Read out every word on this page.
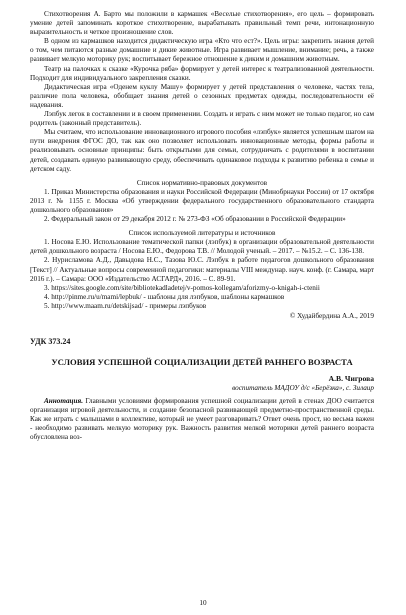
Стихотворения А. Барто мы положили в кармашек «Веселые стихотворения», его цель – формировать умение детей запоминать короткое стихотворение, вырабатывать правильный темп речи, интонационную выразительность и четкое произношение слов.

В одном из кармашков находится дидактическую игра «Кто что ест?». Цель игры: закрепить знания детей о том, чем питаются разные домашние и дикие животные. Игра развивает мышление, внимание; речь, а также развивает мелкую моторику рук; воспитывает бережное отношение к диким и домашним животным.

Театр на палочках к сказке «Курочка ряба» формирует у детей интерес к театрализованной деятельности. Подходит для индивидуального закрепления сказки.

Дидактическая игра «Оденем куклу Машу» формирует у детей представления о человеке, частях тела, различие пола человека, обобщает знания детей о сезонных предметах одежды, последовательности её надевания.

Лэпбук легок в составлении и в своем применении. Создать и играть с ним может не только педагог, но сам родитель (законный представитель).

Мы считаем, что использование инновационного игрового пособия «лэпбук» является успешным шагом на пути внедрения ФГОС ДО, так как оно позволяет использовать инновационные методы, формы работы и реализовывать основные принципы: быть открытыми для семьи, сотрудничать с родителями в воспитании детей, создавать единую развивающую среду, обеспечивать одинаковое подходы к развитию ребенка в семье и детском саду.

Список нормативно-правовых документов

1. Приказ Министерства образования и науки Российской Федерации (Минобрнауки России) от 17 октября 2013 г. № 1155 г. Москва «Об утверждении федерального государственного образовательного стандарта дошкольного образования»

2. Федеральный закон от 29 декабря 2012 г. № 273-ФЗ «Об образовании в Российской Федерации»

Список используемой литературы и источников

1. Носова Е.Ю. Использование тематической папки (лэпбук) в организации образовательной деятельности детей дошкольного возраста / Носова Е.Ю., Федорова Т.В. // Молодой ученый. – 2017. – №15.2. – С. 136-138.

2. Нурисламова А.Д., Давыдова Н.С., Тазова Ю.С. Лэпбук в работе педагогов дошкольного образования [Текст] // Актуальные вопросы современной педагогики: материалы VIII междунар. науч. конф. (г. Самара, март 2016 г.). – Самара: ООО «Издательство АСГАРД», 2016. – С. 89-91.

3. https://sites.google.com/site/bibliotekadladetej/v-pomos-kollegam/aforizmy-o-knigah-i-ctenii

4. http://pinme.ru/u/mami/lepbuk/ - шаблоны для лэпбуков, шаблоны кармашков

5. http://www.maam.ru/detskijsad/ - примеры лэпбуков

© Худайбердина А.А., 2019

УДК 373.24

УСЛОВИЯ УСПЕШНОЙ СОЦИАЛИЗАЦИИ ДЕТЕЙ РАННЕГО ВОЗРАСТА

А.В. Чигрова

воспитатель МАДОУ д/с «Берёзка», с. Зилаир

Аннотация. Главными условиями формирования успешной социализации детей в стенах ДОО считается организация игровой деятельности, и создание безопасной развивающей предметно-пространственной среды. Как же играть с малышами в коллективе, который не умеет разговаривать? Ответ очень прост, но весьма важен - необходимо развивать мелкую моторику рук. Важность развития мелкой моторики детей раннего возраста обусловлена воз-

10
